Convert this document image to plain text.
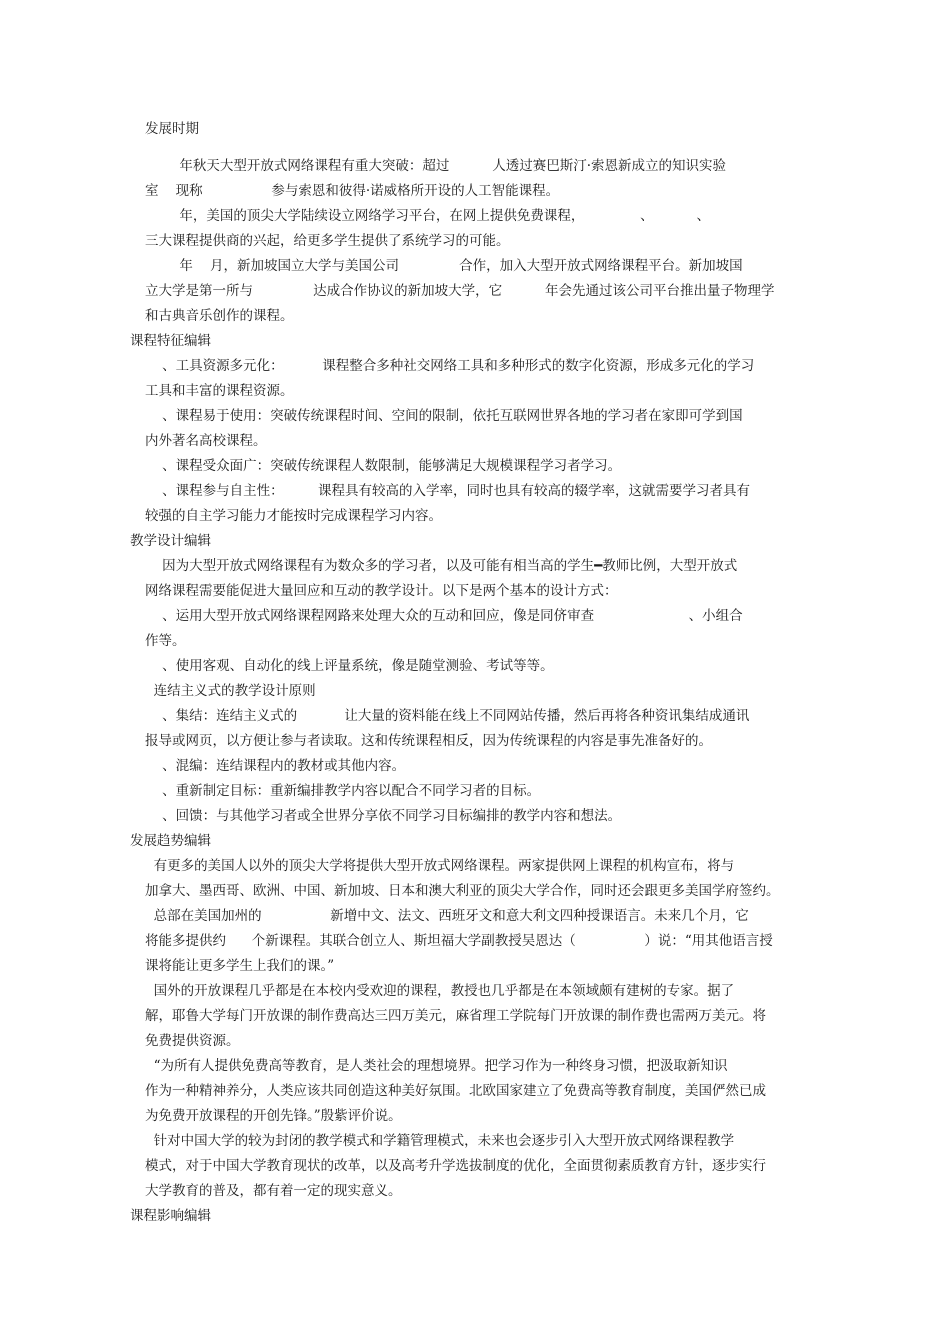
发展时期
年秋天大型开放式网络课程有重大突破：超过          人透过赛巴斯汀·索恩新成立的知识实验
室    现称                参与索恩和彼得·诺威格所开设的人工智能课程。
年，美国的顶尖大学陆续设立网络学习平台，在网上提供免费课程，             、          、
三大课程提供商的兴起，给更多学生提供了系统学习的可能。
年    月，新加坡国立大学与美国公司              合作，加入大型开放式网络课程平台。新加坡国
立大学是第一所与              达成合作协议的新加坡大学，它          年会先通过该公司平台推出量子物理学
和古典音乐创作的课程。
课程特征编辑
、工具资源多元化：         课程整合多种社交网络工具和多种形式的数字化资源，形成多元化的学习
工具和丰富的课程资源。
、课程易于使用：突破传统课程时间、空间的限制，依托互联网世界各地的学习者在家即可学到国
内外著名高校课程。
、课程受众面广：突破传统课程人数限制，能够满足大规模课程学习者学习。
、课程参与自主性：        课程具有较高的入学率，同时也具有较高的辍学率，这就需要学习者具有
较强的自主学习能力才能按时完成课程学习内容。
教学设计编辑
因为大型开放式网络课程有为数众多的学习者，以及可能有相当高的学生━教师比例，大型开放式
网络课程需要能促进大量回应和互动的教学设计。以下是两个基本的设计方式：
、运用大型开放式网络课程网路来处理大众的互动和回应，像是同侪审查                      、小组合
作等。
、使用客观、自动化的线上评量系统，像是随堂测验、考试等等。
连结主义式的教学设计原则
、集结：连结主义式的           让大量的资料能在线上不同网站传播，然后再将各种资讯集结成通讯
报导或网页，以方便让参与者读取。这和传统课程相反，因为传统课程的内容是事先准备好的。
、混编：连结课程内的教材或其他内容。
、重新制定目标：重新编排教学内容以配合不同学习者的目标。
、回馈：与其他学习者或全世界分享依不同学习目标编排的教学内容和想法。
发展趋势编辑
有更多的美国人以外的顶尖大学将提供大型开放式网络课程。两家提供网上课程的机构宣布，将与
加拿大、墨西哥、欧洲、中国、新加坡、日本和澳大利亚的顶尖大学合作，同时还会跟更多美国学府签约。
总部在美国加州的                新增中文、法文、西班牙文和意大利文四种授课语言。未来几个月，它
将能多提供约      个新课程。其联合创立人、斯坦福大学副教授吴恩达（                ）说：“用其他语言授
课将能让更多学生上我们的课。”
国外的开放课程几乎都是在本校内受欢迎的课程，教授也几乎都是在本领域颇有建树的专家。据了
解，耶鲁大学每门开放课的制作费高达三四万美元，麻省理工学院每门开放课的制作费也需两万美元。将
免费提供资源。
“为所有人提供免费高等教育，是人类社会的理想境界。把学习作为一种终身习惯，把汲取新知识
作为一种精神养分，人类应该共同创造这种美好氛围。北欧国家建立了免费高等教育制度，美国俨然已成
为免费开放课程的开创先锋。”殷紫评价说。
针对中国大学的较为封闭的教学模式和学籍管理模式，未来也会逐步引入大型开放式网络课程教学
模式，对于中国大学教育现状的改革，以及高考升学选拔制度的优化，全面贯彻素质教育方针，逐步实行
大学教育的普及，都有着一定的现实意义。
课程影响编辑
